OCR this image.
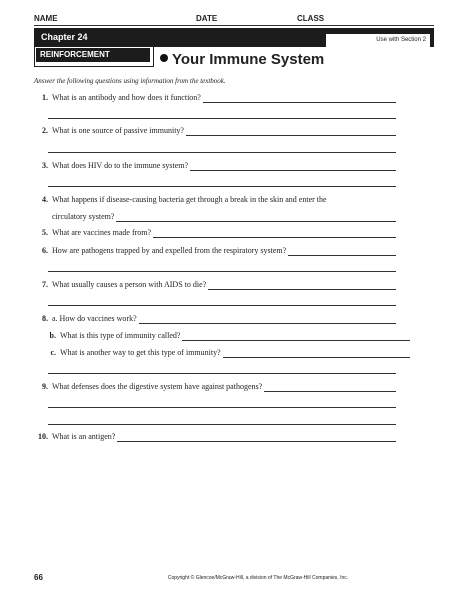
NAME	DATE	CLASS
Chapter 24	Use with Section 2
REINFORCEMENT	Your Immune System
Answer the following questions using information from the textbook.
1. What is an antibody and how does it function?
2. What is one source of passive immunity?
3. What does HIV do to the immune system?
4. What happens if disease-causing bacteria get through a break in the skin and enter the
circulatory system?
5. What are vaccines made from?
6. How are pathogens trapped by and expelled from the respiratory system?
7. What usually causes a person with AIDS to die?
8. a. How do vaccines work?
b. What is this type of immunity called?
c. What is another way to get this type of immunity?
9. What defenses does the digestive system have against pathogens?
10. What is an antigen?
66	Copyright © Glencoe/McGraw-Hill, a division of The McGraw-Hill Companies, Inc.
